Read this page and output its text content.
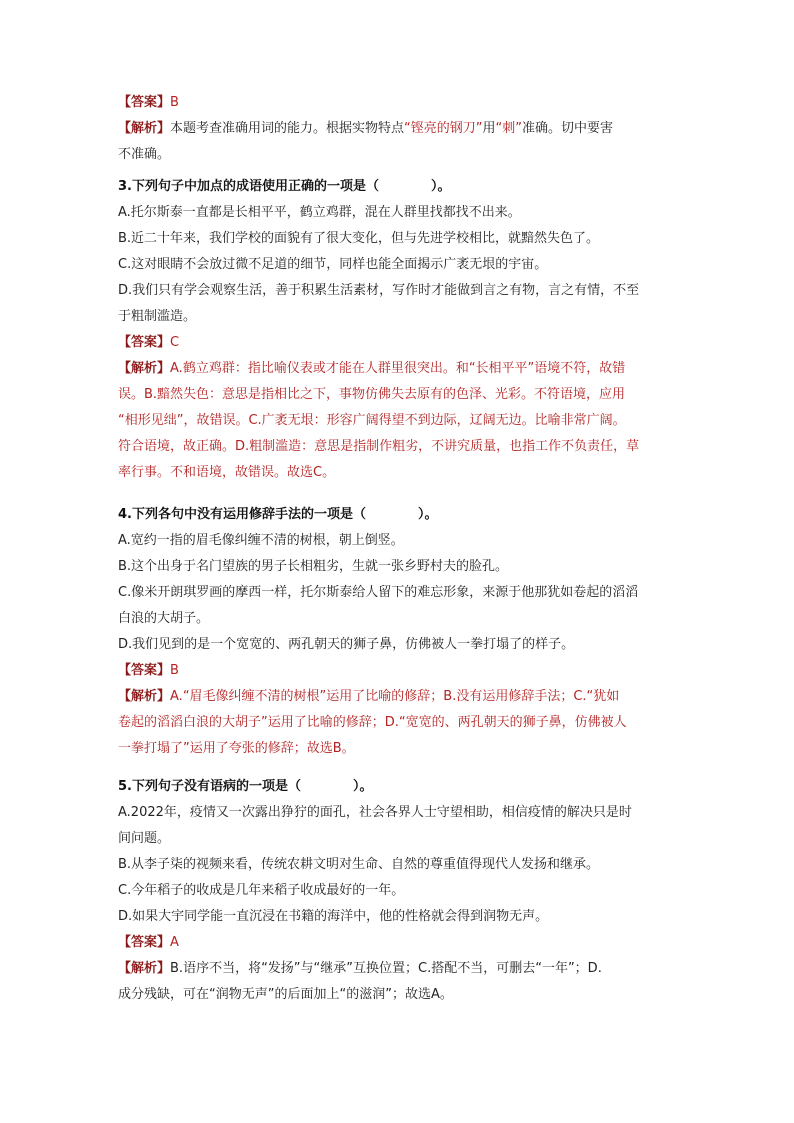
【答案】B
【解析】本题考查准确用词的能力。根据实物特点“铿亮的钢刀”用“刺”准确。切中要害
不准确。
3.下列句子中加点的成语使用正确的一项是（　　　　）。
A.托尔斯泰一直都是长相平平，鹤立鸡群，混在人群里找都找不出来。
B.近二十年来，我们学校的面貌有了很大变化，但与先进学校相比，就黯然失色了。
C.这对眼睛不会放过微不足道的细节，同样也能全面揭示广袤无垠的宇宙。
D.我们只有学会观察生活，善于积累生活素材，写作时才能做到言之有物，言之有情，不至
于粗制滥造。
【答案】C
【解析】A.鹤立鸡群：指比喻仪表或才能在人群里很突出。和“长相平平”语境不符，故错
误。B.黯然失色：意思是指相比之下，事物仿佛失去原有的色泽、光彩。不符语境，应用
“相形见绌”，故错误。C.广袤无垠：形容广阔得望不到边际，辽阔无边。比喻非常广阔。
符合语境，故正确。D.粗制滥造：意思是指制作粗劣，不讲究质量，也指工作不负责任，草
率行事。不和语境，故错误。故选C。
4.下列各句中没有运用修辞手法的一项是（　　　　）。
A.宽约一指的眉毛像纠缠不清的树根，朝上倒竖。
B.这个出身于名门望族的男子长相粗劣，生就一张乡野村夫的脸孔。
C.像米开朗琪罗画的摩西一样，托尔斯泰给人留下的难忘形象，来源于他那犹如卷起的滔滔
白浪的大胡子。
D.我们见到的是一个宽宽的、两孔朝天的狮子鼻，仿佛被人一拳打塌了的样子。
【答案】B
【解析】A.“眉毛像纠缠不清的树根”运用了比喻的修辞；B.没有运用修辞手法；C.“犹如
卷起的滔滔白浪的大胡子”运用了比喻的修辞；D.“宽宽的、两孔朝天的狮子鼻，仿佛被人
一拳打塌了”运用了夸张的修辞；故选B。
5.下列句子没有语病的一项是（　　　　）。
A.2022年，疫情又一次露出狰狞的面孔，社会各界人士守望相助，相信疫情的解决只是时
间问题。
B.从李子柒的视频来看，传统农耕文明对生命、自然的尊重值得现代人发扬和继承。
C.今年稻子的收成是几年来稻子收成最好的一年。
D.如果大宇同学能一直沉浸在书籍的海洋中，他的性格就会得到润物无声。
【答案】A
【解析】B.语序不当，将“发扬”与“继承”互换位置；C.搭配不当，可删去“一年”；D.
成分残缺，可在“润物无声”的后面加上“的滋润”；故选A。
